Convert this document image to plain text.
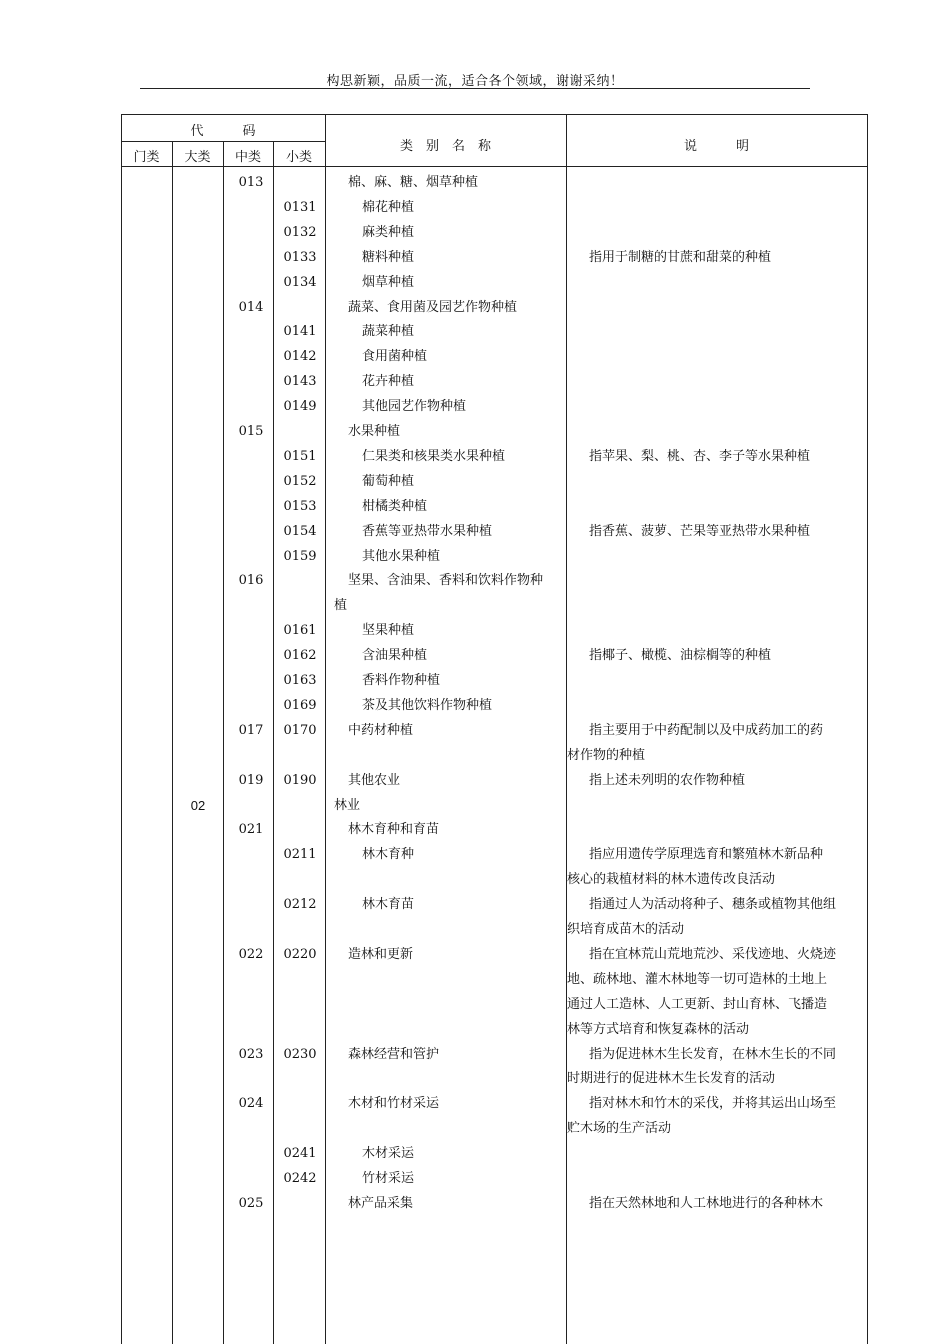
构思新颖，品质一流，适合各个领域，谢谢采纳！
代　　　码
门类	大类	中类	小类
类　别　名　称	说　　　明
013	棉、麻、糖、烟草种植
0131	棉花种植
0132	麻类种植
0133	糖料种植	指用于制糖的甘蔗和甜菜的种植
0134	烟草种植
014	蔬菜、食用菌及园艺作物种植
0141	蔬菜种植
0142	食用菌种植
0143	花卉种植
0149	其他园艺作物种植
015	水果种植
0151	仁果类和核果类水果种植	指苹果、梨、桃、杏、李子等水果种植
0152	葡萄种植
0153	柑橘类种植
0154	香蕉等亚热带水果种植	指香蕉、菠萝、芒果等亚热带水果种植
0159	其他水果种植
016	坚果、含油果、香料和饮料作物种
植
0161	坚果种植
0162	含油果种植	指椰子、橄榄、油棕榈等的种植
0163	香料作物种植
0169	茶及其他饮料作物种植
017	0170	中药材种植	指主要用于中药配制以及中成药加工的药
材作物的种植
019	0190	其他农业	指上述未列明的农作物种植
02	林业
021	林木育种和育苗
0211	林木育种	指应用遗传学原理选育和繁殖林木新品种
核心的栽植材料的林木遗传改良活动
0212	林木育苗	指通过人为活动将种子、穗条或植物其他组
织培育成苗木的活动
022	0220	造林和更新	指在宜林荒山荒地荒沙、采伐迹地、火烧迹
地、疏林地、灌木林地等一切可造林的土地上
通过人工造林、人工更新、封山育林、飞播造
林等方式培育和恢复森林的活动
023	0230	森林经营和管护	指为促进林木生长发育，在林木生长的不同
时期进行的促进林木生长发育的活动
024	木材和竹材采运	指对林木和竹木的采伐，并将其运出山场至
贮木场的生产活动
0241	木材采运
0242	竹材采运
025	林产品采集	指在天然林地和人工林地进行的各种林木
